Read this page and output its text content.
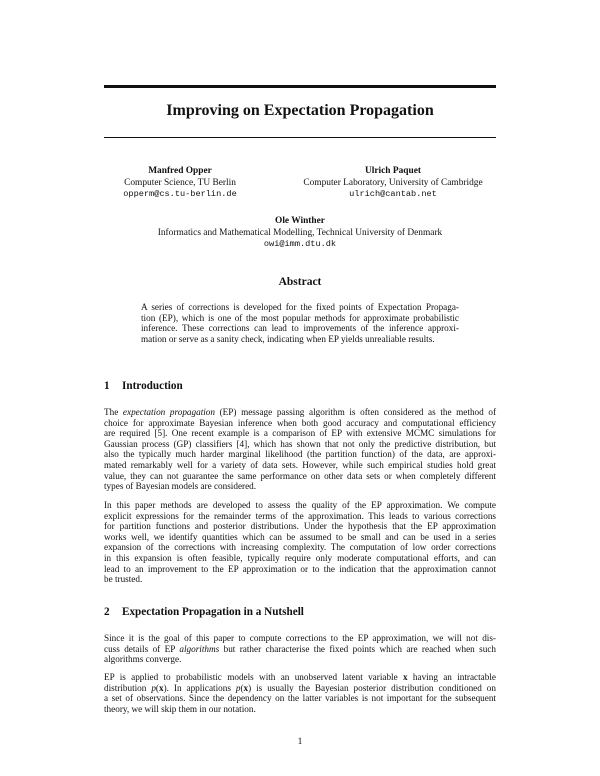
Improving on Expectation Propagation
Manfred Opper
Computer Science, TU Berlin
opperm@cs.tu-berlin.de
Ulrich Paquet
Computer Laboratory, University of Cambridge
ulrich@cantab.net
Ole Winther
Informatics and Mathematical Modelling, Technical University of Denmark
owi@imm.dtu.dk
Abstract
A series of corrections is developed for the fixed points of Expectation Propaga-
tion (EP), which is one of the most popular methods for approximate probabilistic
inference. These corrections can lead to improvements of the inference approxi-
mation or serve as a sanity check, indicating when EP yields unrealiable results.
1 Introduction
The expectation propagation (EP) message passing algorithm is often considered as the method of
choice for approximate Bayesian inference when both good accuracy and computational efficiency
are required [5]. One recent example is a comparison of EP with extensive MCMC simulations for
Gaussian process (GP) classifiers [4], which has shown that not only the predictive distribution, but
also the typically much harder marginal likelihood (the partition function) of the data, are approxi-
mated remarkably well for a variety of data sets. However, while such empirical studies hold great
value, they can not guarantee the same performance on other data sets or when completely different
types of Bayesian models are considered.
In this paper methods are developed to assess the quality of the EP approximation. We compute
explicit expressions for the remainder terms of the approximation. This leads to various corrections
for partition functions and posterior distributions. Under the hypothesis that the EP approximation
works well, we identify quantities which can be assumed to be small and can be used in a series
expansion of the corrections with increasing complexity. The computation of low order corrections
in this expansion is often feasible, typically require only moderate computational efforts, and can
lead to an improvement to the EP approximation or to the indication that the approximation cannot
be trusted.
2 Expectation Propagation in a Nutshell
Since it is the goal of this paper to compute corrections to the EP approximation, we will not dis-
cuss details of EP algorithms but rather characterise the fixed points which are reached when such
algorithms converge.
EP is applied to probabilistic models with an unobserved latent variable x having an intractable
distribution p(x). In applications p(x) is usually the Bayesian posterior distribution conditioned on
a set of observations. Since the dependency on the latter variables is not important for the subsequent
theory, we will skip them in our notation.
1
